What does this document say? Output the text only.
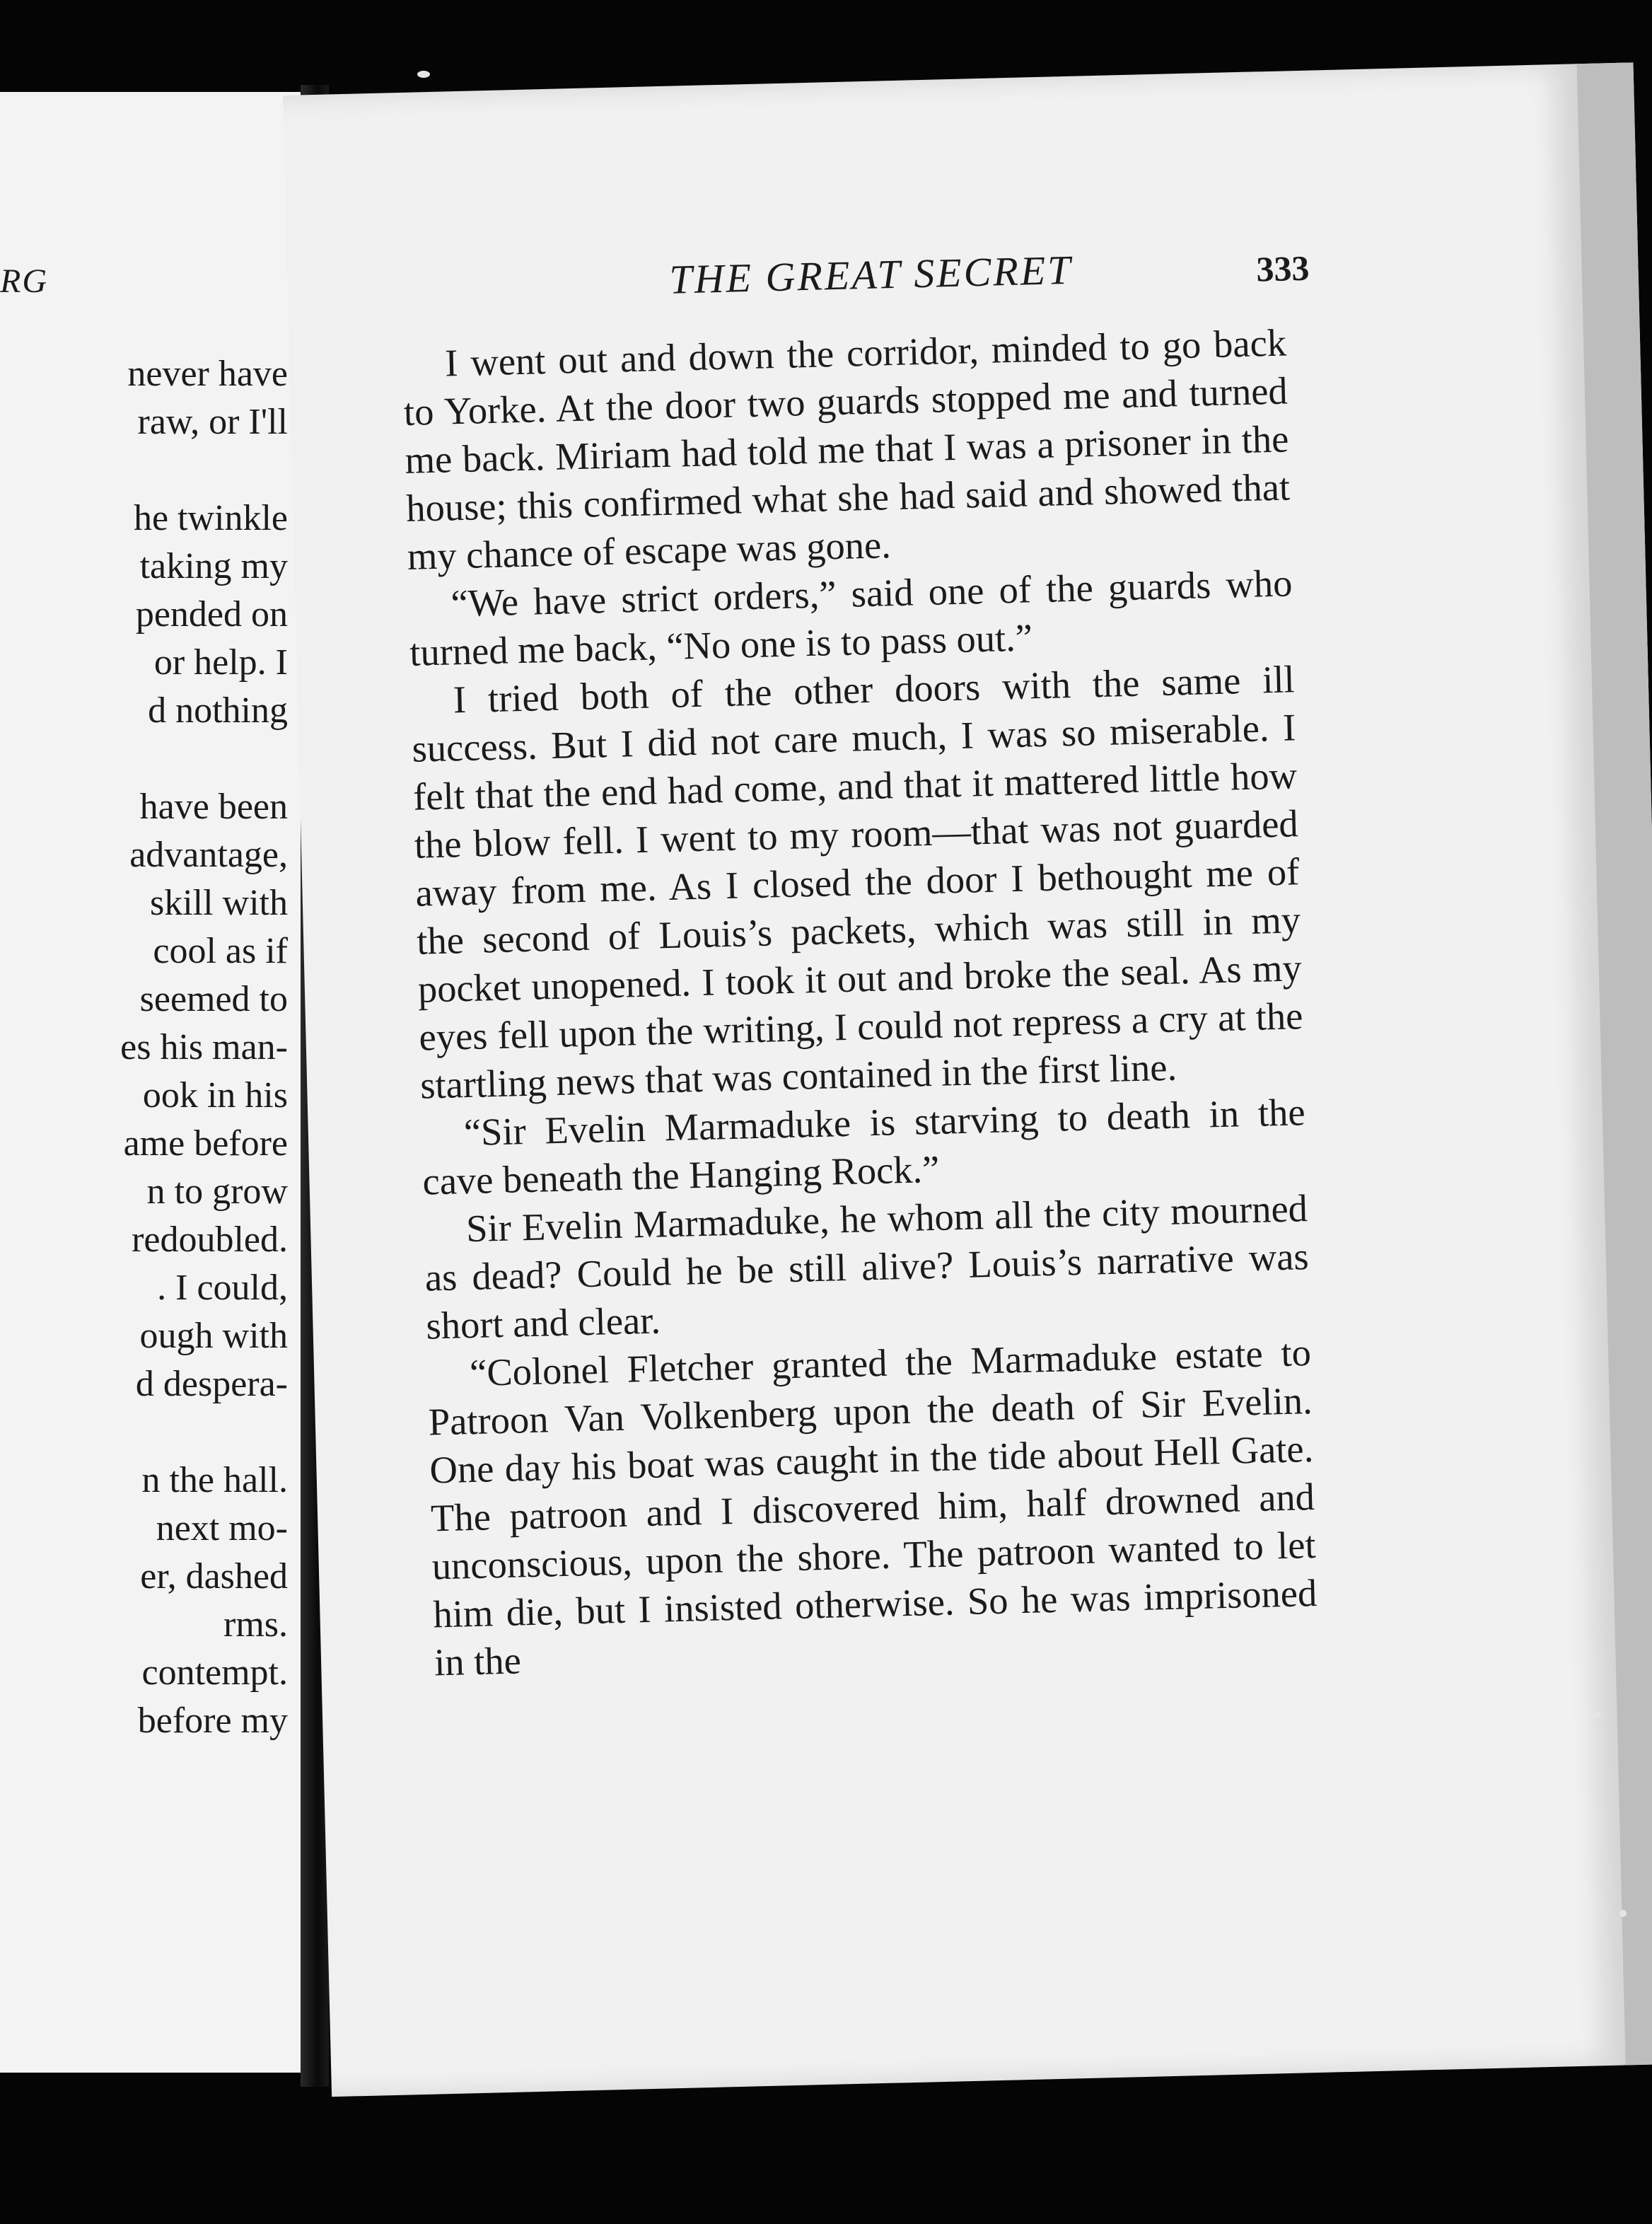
RG
never have
raw, or I'll
he twinkle
taking my
pended on
or help. I
d nothing
have been
advantage,
skill with
cool as if
seemed to
es his man-
ook in his
ame before
n to grow
redoubled.
. I could,
ough with
d despera-
n the hall.
next mo-
er, dashed
rms.
contempt.
before my
THE GREAT SECRET	333

I went out and down the corridor, minded to go back to Yorke. At the door two guards stopped me and turned me back. Miriam had told me that I was a prisoner in the house; this confirmed what she had said and showed that my chance of escape was gone.

“We have strict orders,” said one of the guards who turned me back, “No one is to pass out.”

I tried both of the other doors with the same ill success. But I did not care much, I was so miserable. I felt that the end had come, and that it mattered little how the blow fell. I went to my room—that was not guarded away from me. As I closed the door I bethought me of the second of Louis’s packets, which was still in my pocket unopened. I took it out and broke the seal. As my eyes fell upon the writing, I could not repress a cry at the startling news that was contained in the first line.

“Sir Evelin Marmaduke is starving to death in the cave beneath the Hanging Rock.”

Sir Evelin Marmaduke, he whom all the city mourned as dead? Could he be still alive? Louis’s narrative was short and clear.

“Colonel Fletcher granted the Marmaduke estate to Patroon Van Volkenberg upon the death of Sir Evelin. One day his boat was caught in the tide about Hell Gate. The patroon and I discovered him, half drowned and unconscious, upon the shore. The patroon wanted to let him die, but I insisted otherwise. So he was imprisoned in the
